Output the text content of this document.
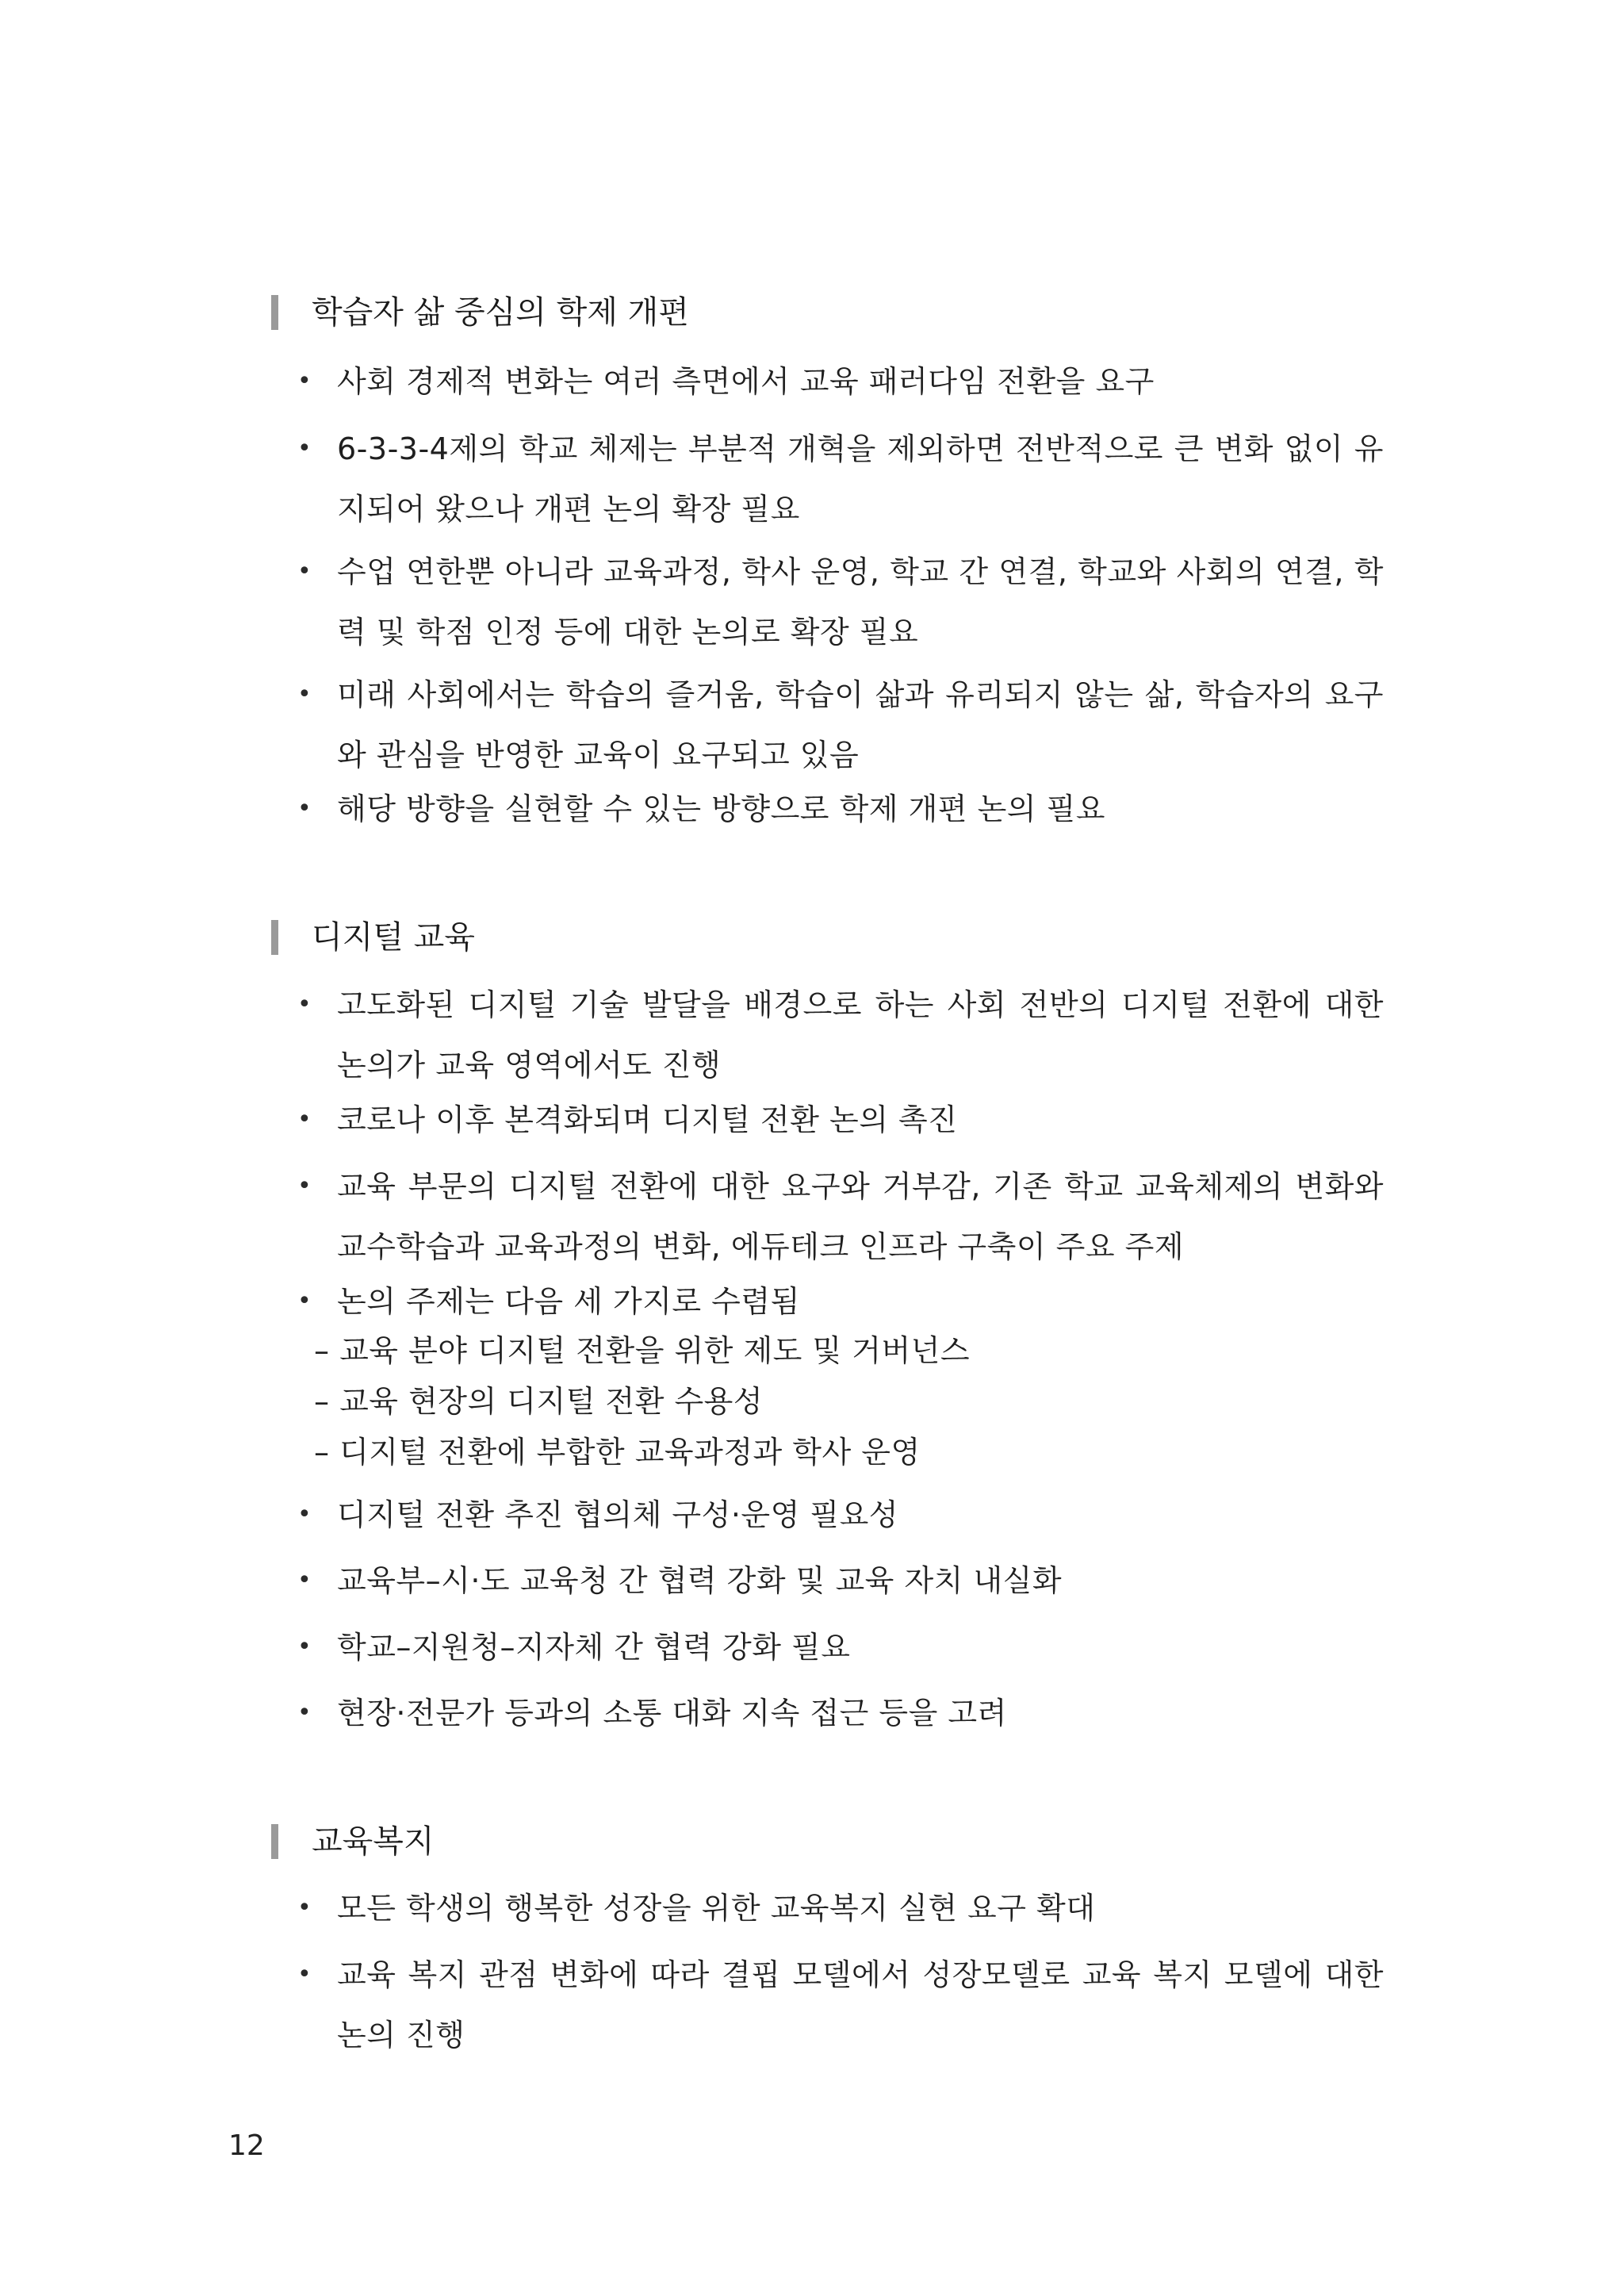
학습자 삶 중심의 학제 개편
• 사회 경제적 변화는 여러 측면에서 교육 패러다임 전환을 요구
• 6-3-3-4제의 학교 체제는 부분적 개혁을 제외하면 전반적으로 큰 변화 없이 유지되어 왔으나 개편 논의 확장 필요
• 수업 연한뿐 아니라 교육과정, 학사 운영, 학교 간 연결, 학교와 사회의 연결, 학력 및 학점 인정 등에 대한 논의로 확장 필요
• 미래 사회에서는 학습의 즐거움, 학습이 삶과 유리되지 않는 삶, 학습자의 요구와 관심을 반영한 교육이 요구되고 있음
• 해당 방향을 실현할 수 있는 방향으로 학제 개편 논의 필요
디지털 교육
• 고도화된 디지털 기술 발달을 배경으로 하는 사회 전반의 디지털 전환에 대한 논의가 교육 영역에서도 진행
• 코로나 이후 본격화되며 디지털 전환 논의 촉진
• 교육 부문의 디지털 전환에 대한 요구와 거부감, 기존 학교 교육체제의 변화와 교수학습과 교육과정의 변화, 에듀테크 인프라 구축이 주요 주제
• 논의 주제는 다음 세 가지로 수렴됨
– 교육 분야 디지털 전환을 위한 제도 및 거버넌스
– 교육 현장의 디지털 전환 수용성
– 디지털 전환에 부합한 교육과정과 학사 운영
• 디지털 전환 추진 협의체 구성·운영 필요성
• 교육부–시·도 교육청 간 협력 강화 및 교육 자치 내실화
• 학교–지원청–지자체 간 협력 강화 필요
• 현장·전문가 등과의 소통 대화 지속 접근 등을 고려
교육복지
• 모든 학생의 행복한 성장을 위한 교육복지 실현 요구 확대
• 교육 복지 관점 변화에 따라 결핍 모델에서 성장모델로 교육 복지 모델에 대한 논의 진행
12
